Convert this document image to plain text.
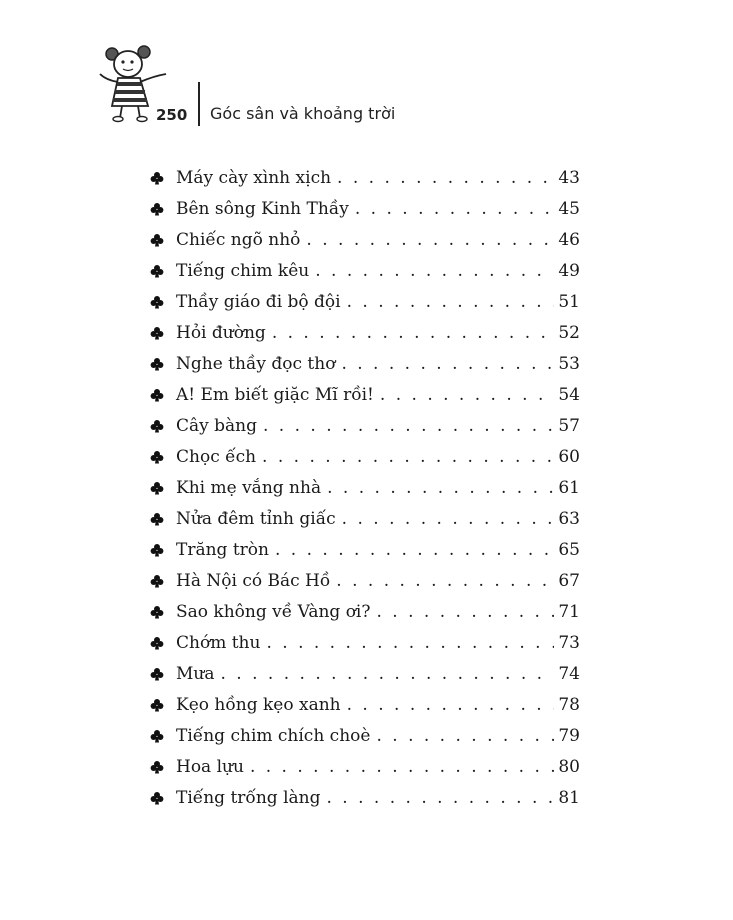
250 Góc sân và khoảng trời
Máy cày xình xịch . . .	43
Bên sông Kinh Thầy . . .	45
Chiếc ngõ nhỏ . . .	46
Tiếng chim kêu . . .	49
Thầy giáo đi bộ đội . . .	51
Hỏi đường . . .	52
Nghe thầy đọc thơ . . .	53
A! Em biết giặc Mĩ rồi! . . .	54
Cây bàng . . .	57
Chọc ếch . . .	60
Khi mẹ vắng nhà . . .	61
Nửa đêm tỉnh giấc . . .	63
Trăng tròn . . .	65
Hà Nội có Bác Hồ . . .	67
Sao không về Vàng ơi? . . .	71
Chớm thu . . .	73
Mưa . . .	74
Kẹo hồng kẹo xanh . . .	78
Tiếng chim chích choè . . .	79
Hoa lựu . . .	80
Tiếng trống làng . . .	81
